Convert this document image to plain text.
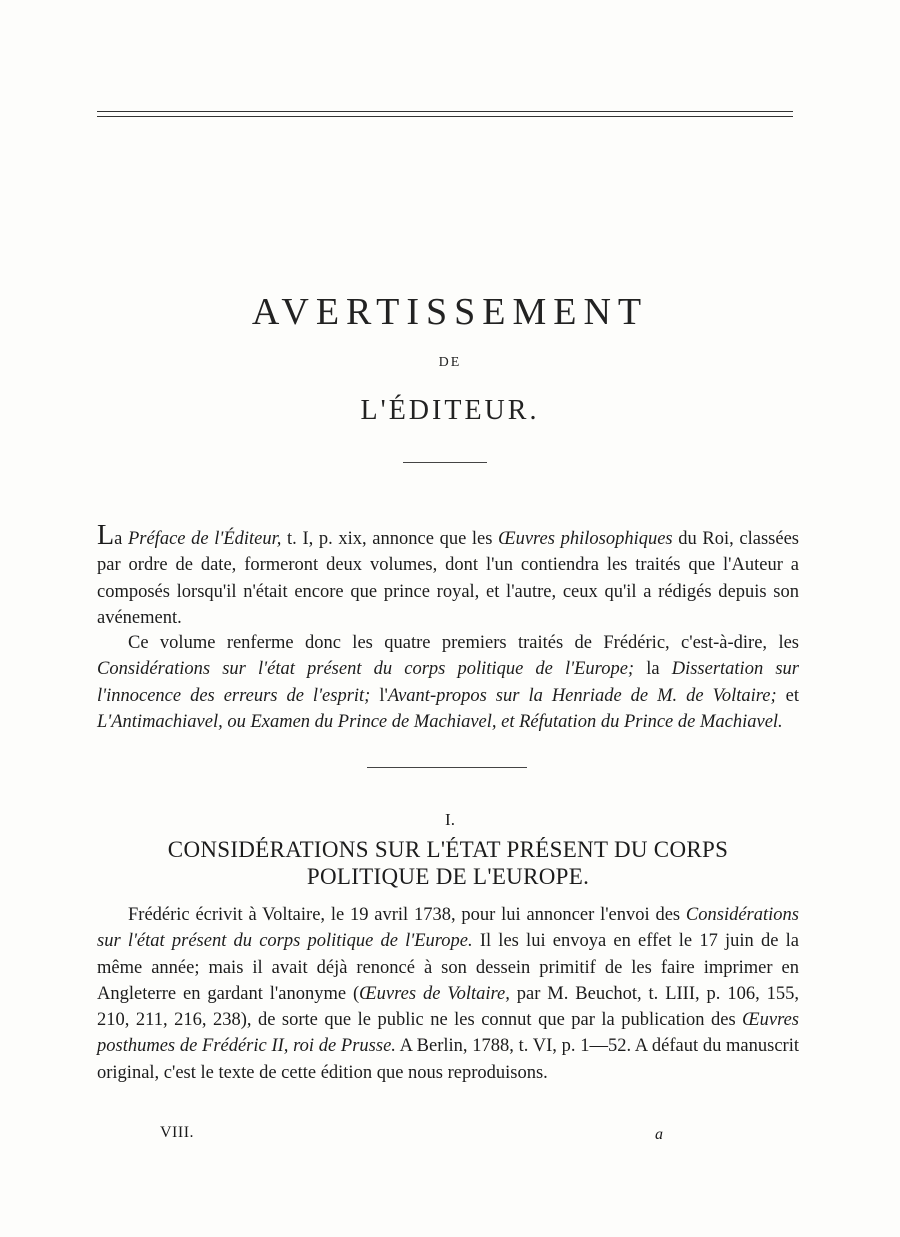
AVERTISSEMENT
DE
L'ÉDITEUR.
La Préface de l'Éditeur, t. I, p. xix, annonce que les Œuvres philosophiques du Roi, classées par ordre de date, formeront deux volumes, dont l'un contiendra les traités que l'Auteur a composés lorsqu'il n'était encore que prince royal, et l'autre, ceux qu'il a rédigés depuis son avénement.
Ce volume renferme donc les quatre premiers traités de Frédéric, c'est-à-dire, les Considérations sur l'état présent du corps politique de l'Europe; la Dissertation sur l'innocence des erreurs de l'esprit; l'Avant-propos sur la Henriade de M. de Voltaire; et L'Antimachiavel, ou Examen du Prince de Machiavel, et Réfutation du Prince de Machiavel.
I.
CONSIDÉRATIONS SUR L'ÉTAT PRÉSENT DU CORPS
POLITIQUE DE L'EUROPE.
Frédéric écrivit à Voltaire, le 19 avril 1738, pour lui annoncer l'envoi des Considérations sur l'état présent du corps politique de l'Europe. Il les lui envoya en effet le 17 juin de la même année; mais il avait déjà renoncé à son dessein primitif de les faire imprimer en Angleterre en gardant l'anonyme (Œuvres de Voltaire, par M. Beuchot, t. LIII, p. 106, 155, 210, 211, 216, 238), de sorte que le public ne les connut que par la publication des Œuvres posthumes de Frédéric II, roi de Prusse. A Berlin, 1788, t. VI, p. 1—52. A défaut du manuscrit original, c'est le texte de cette édition que nous reproduisons.
VIII.	a
